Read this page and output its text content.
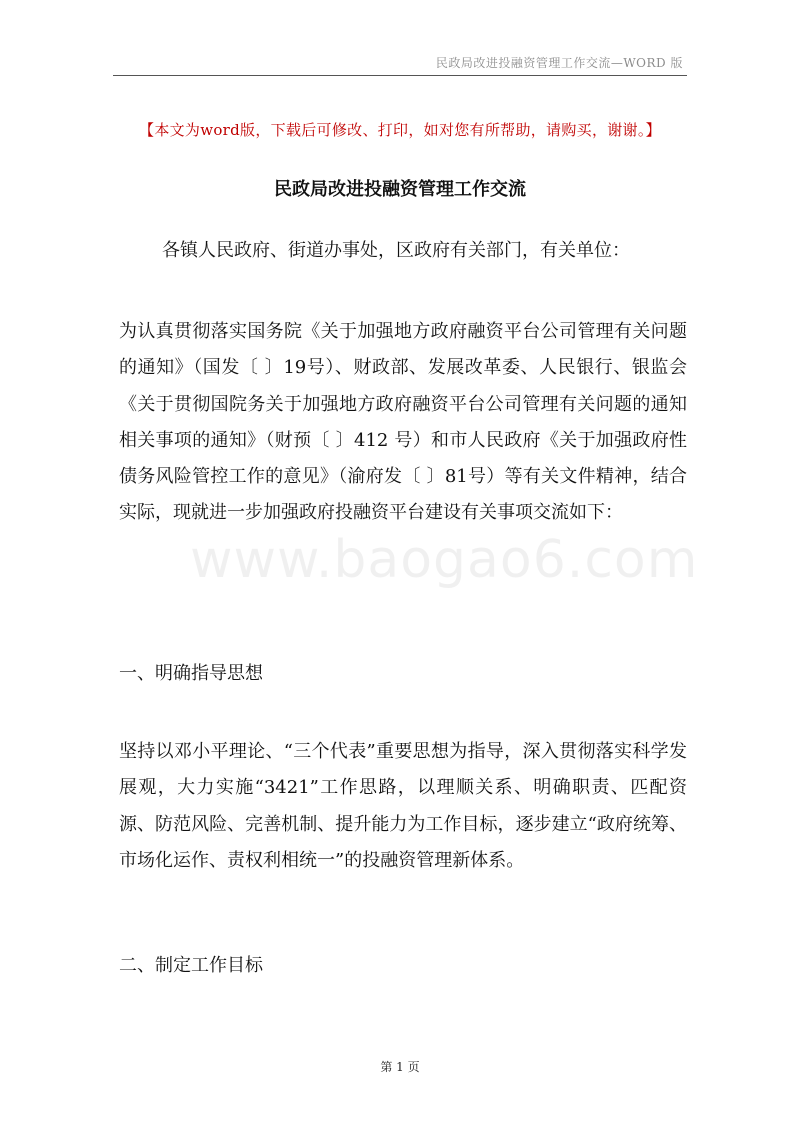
民政局改进投融资管理工作交流—WORD 版
【本文为word版，下载后可修改、打印，如对您有所帮助，请购买，谢谢。】
民政局改进投融资管理工作交流
各镇人民政府、街道办事处，区政府有关部门，有关单位：

为认真贯彻落实国务院《关于加强地方政府融资平台公司管理有关问题的通知》（国发〔 〕19号）、财政部、发展改革委、人民银行、银监会《关于贯彻国院务关于加强地方政府融资平台公司管理有关问题的通知相关事项的通知》（财预〔 〕412 号）和市人民政府《关于加强政府性债务风险管控工作的意见》（渝府发〔 〕81号）等有关文件精神，结合实际，现就进一步加强政府投融资平台建设有关事项交流如下：

一、明确指导思想

坚持以邓小平理论、“三个代表”重要思想为指导，深入贯彻落实科学发展观，大力实施“3421”工作思路，以理顺关系、明确职责、匹配资源、防范风险、完善机制、提升能力为工作目标，逐步建立“政府统筹、市场化运作、责权利相统一”的投融资管理新体系。

二、制定工作目标

www.baogao6.com
第 1 页
